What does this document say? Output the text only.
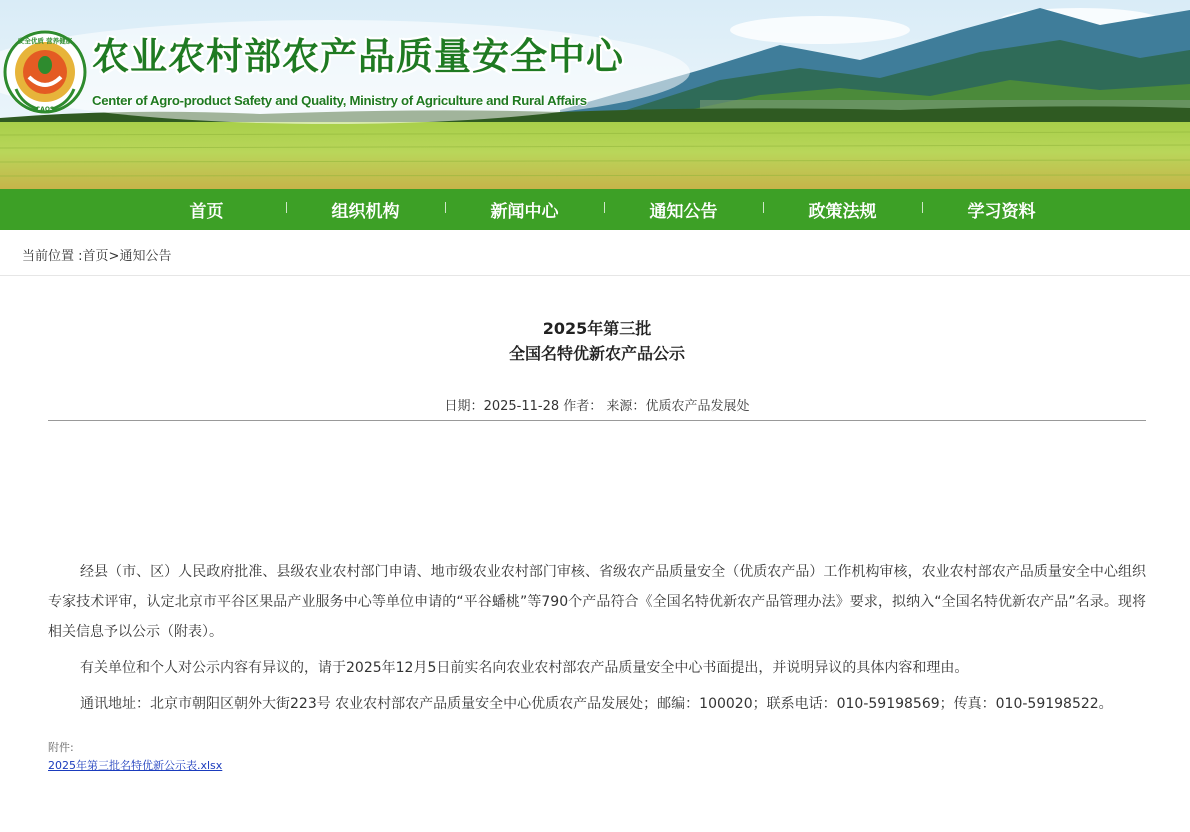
安全优质 营养健康
CAQS
农业农村部农产品质量安全中心

Center of Agro-product Safety and Quality, Ministry of Agriculture and Rural Affairs

首页	组织机构	新闻中心	通知公告	政策法规	学习资料
当前位置 :首页>通知公告
2025年第三批
全国名特优新农产品公示
日期：2025-11-28 作者： 来源：优质农产品发展处

经县（市、区）人民政府批准、县级农业农村部门申请、地市级农业农村部门审核、省级农产品质量安全（优质农产品）工作机构审核，农业农村部农产品质量安全中心组织专家技术评审，认定北京市平谷区果品产业服务中心等单位申请的“平谷蟠桃”等790个产品符合《全国名特优新农产品管理办法》要求，拟纳入“全国名特优新农产品”名录。现将相关信息予以公示（附表）。

有关单位和个人对公示内容有异议的，请于2025年12月5日前实名向农业农村部农产品质量安全中心书面提出，并说明异议的具体内容和理由。

通讯地址：北京市朝阳区朝外大街223号 农业农村部农产品质量安全中心优质农产品发展处；邮编：100020；联系电话：010-59198569；传真：010-59198522。

附件:
2025年第三批名特优新公示表.xlsx
